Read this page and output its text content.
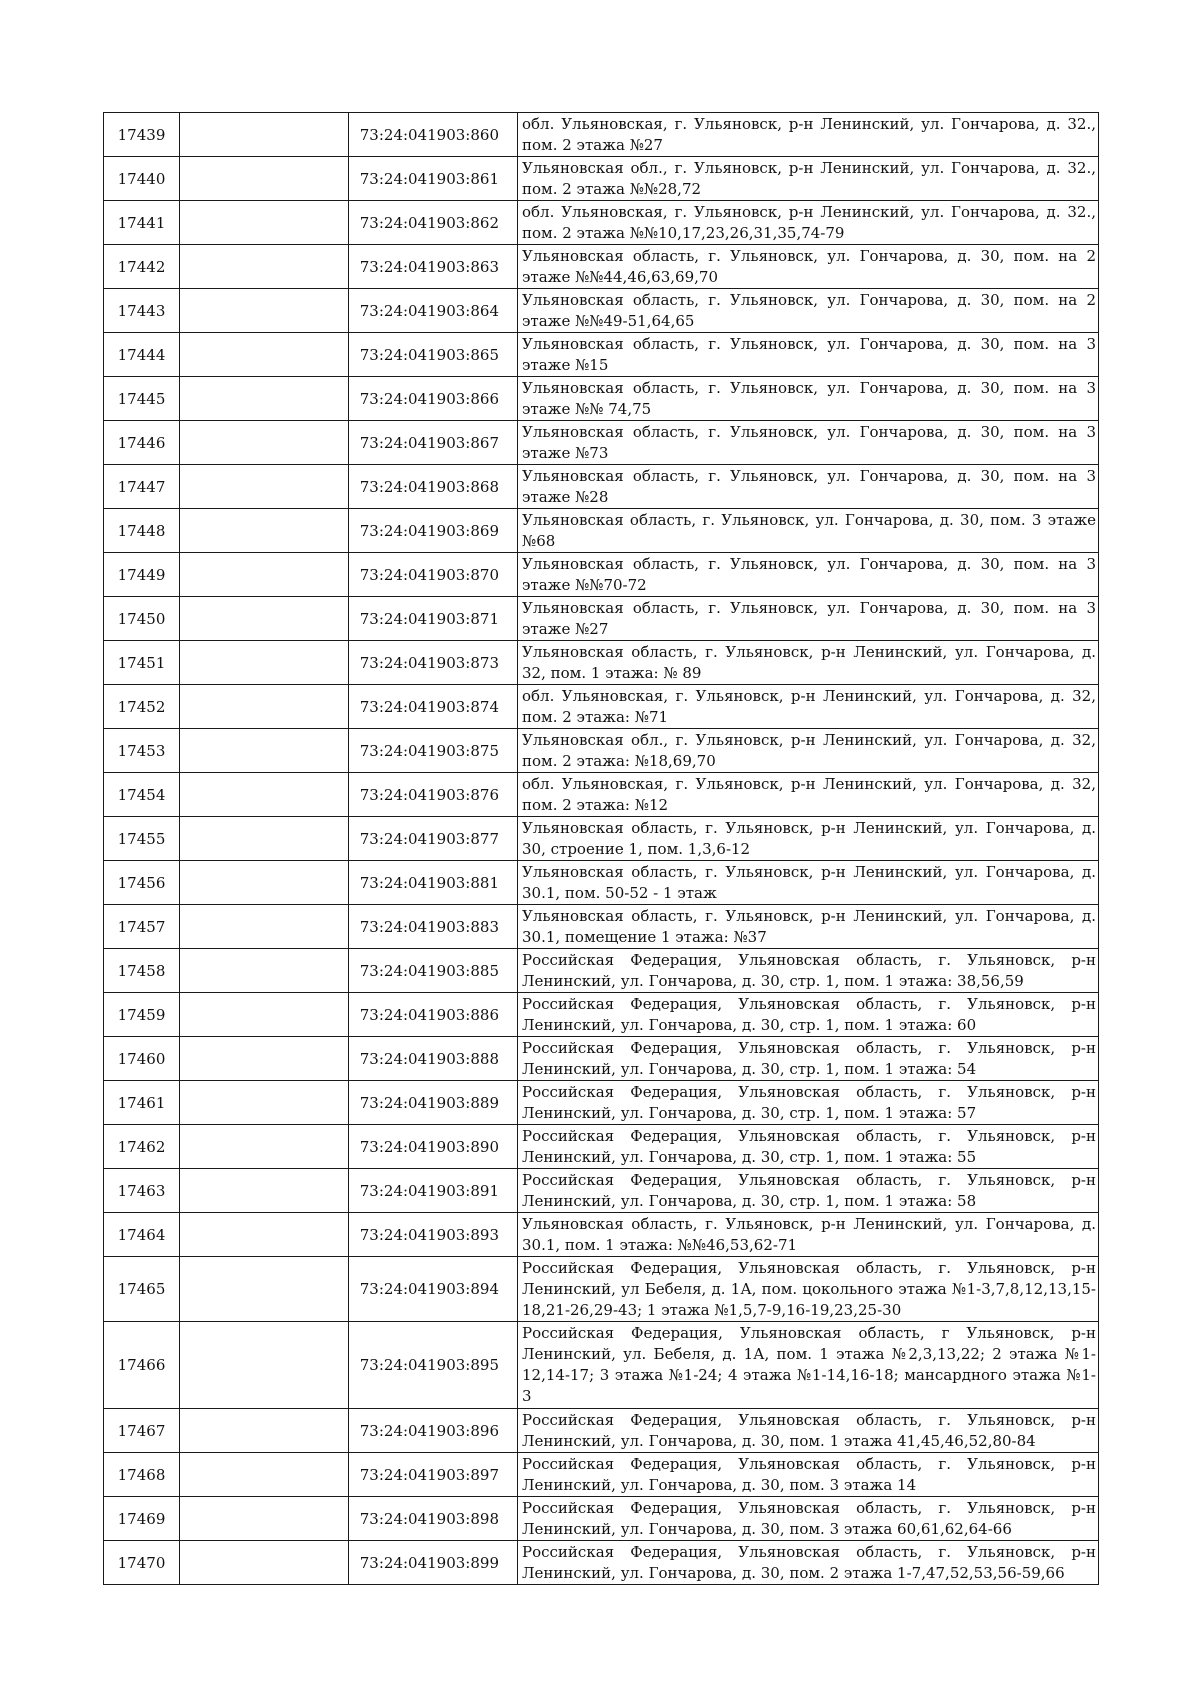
17439		73:24:041903:860	обл. Ульяновская, г. Ульяновск, р-н Ленинский, ул. Гончарова, д. 32., пом. 2 этажа №27
17440		73:24:041903:861	Ульяновская обл., г. Ульяновск, р-н Ленинский, ул. Гончарова, д. 32., пом. 2 этажа №№28,72
17441		73:24:041903:862	обл. Ульяновская, г. Ульяновск, р-н Ленинский, ул. Гончарова, д. 32., пом. 2 этажа №№10,17,23,26,31,35,74-79
17442		73:24:041903:863	Ульяновская область, г. Ульяновск, ул. Гончарова, д. 30, пом. на 2 этаже №№44,46,63,69,70
17443		73:24:041903:864	Ульяновская область, г. Ульяновск, ул. Гончарова, д. 30, пом. на 2 этаже №№49-51,64,65
17444		73:24:041903:865	Ульяновская область, г. Ульяновск, ул. Гончарова, д. 30, пом. на 3 этаже №15
17445		73:24:041903:866	Ульяновская область, г. Ульяновск, ул. Гончарова, д. 30, пом. на 3 этаже №№ 74,75
17446		73:24:041903:867	Ульяновская область, г. Ульяновск, ул. Гончарова, д. 30, пом. на 3 этаже №73
17447		73:24:041903:868	Ульяновская область, г. Ульяновск, ул. Гончарова, д. 30, пом. на 3 этаже №28
17448		73:24:041903:869	Ульяновская область, г. Ульяновск, ул. Гончарова, д. 30, пом. 3 этаже №68
17449		73:24:041903:870	Ульяновская область, г. Ульяновск, ул. Гончарова, д. 30, пом. на 3 этаже №№70-72
17450		73:24:041903:871	Ульяновская область, г. Ульяновск, ул. Гончарова, д. 30, пом. на 3 этаже №27
17451		73:24:041903:873	Ульяновская область, г. Ульяновск, р-н Ленинский, ул. Гончарова, д. 32, пом. 1 этажа: № 89
17452		73:24:041903:874	обл. Ульяновская, г. Ульяновск, р-н Ленинский, ул. Гончарова, д. 32, пом. 2 этажа: №71
17453		73:24:041903:875	Ульяновская обл., г. Ульяновск, р-н Ленинский, ул. Гончарова, д. 32, пом. 2 этажа: №18,69,70
17454		73:24:041903:876	обл. Ульяновская, г. Ульяновск, р-н Ленинский, ул. Гончарова, д. 32, пом. 2 этажа: №12
17455		73:24:041903:877	Ульяновская область, г. Ульяновск, р-н Ленинский, ул. Гончарова, д. 30, строение 1, пом. 1,3,6-12
17456		73:24:041903:881	Ульяновская область, г. Ульяновск, р-н Ленинский, ул. Гончарова, д. 30.1, пом. 50-52 - 1 этаж
17457		73:24:041903:883	Ульяновская область, г. Ульяновск, р-н Ленинский, ул. Гончарова, д. 30.1, помещение 1 этажа: №37
17458		73:24:041903:885	Российская Федерация, Ульяновская область, г. Ульяновск, р-н Ленинский, ул. Гончарова, д. 30, стр. 1, пом. 1 этажа: 38,56,59
17459		73:24:041903:886	Российская Федерация, Ульяновская область, г. Ульяновск, р-н Ленинский, ул. Гончарова, д. 30, стр. 1, пом. 1 этажа: 60
17460		73:24:041903:888	Российская Федерация, Ульяновская область, г. Ульяновск, р-н Ленинский, ул. Гончарова, д. 30, стр. 1, пом. 1 этажа: 54
17461		73:24:041903:889	Российская Федерация, Ульяновская область, г. Ульяновск, р-н Ленинский, ул. Гончарова, д. 30, стр. 1, пом. 1 этажа: 57
17462		73:24:041903:890	Российская Федерация, Ульяновская область, г. Ульяновск, р-н Ленинский, ул. Гончарова, д. 30, стр. 1, пом. 1 этажа: 55
17463		73:24:041903:891	Российская Федерация, Ульяновская область, г. Ульяновск, р-н Ленинский, ул. Гончарова, д. 30, стр. 1, пом. 1 этажа: 58
17464		73:24:041903:893	Ульяновская область, г. Ульяновск, р-н Ленинский, ул. Гончарова, д. 30.1, пом. 1 этажа: №№46,53,62-71
17465		73:24:041903:894	Российская Федерация, Ульяновская область, г. Ульяновск, р-н Ленинский, ул Бебеля, д. 1А, пом. цокольного этажа №1-3,7,8,12,13,15-18,21-26,29-43; 1 этажа №1,5,7-9,16-19,23,25-30
17466		73:24:041903:895	Российская Федерация, Ульяновская область, г Ульяновск, р-н Ленинский, ул. Бебеля, д. 1А, пом. 1 этажа №2,3,13,22; 2 этажа №1-12,14-17; 3 этажа №1-24; 4 этажа №1-14,16-18; мансардного этажа №1-3
17467		73:24:041903:896	Российская Федерация, Ульяновская область, г. Ульяновск, р-н Ленинский, ул. Гончарова, д. 30, пом. 1 этажа 41,45,46,52,80-84
17468		73:24:041903:897	Российская Федерация, Ульяновская область, г. Ульяновск, р-н Ленинский, ул. Гончарова, д. 30, пом. 3 этажа 14
17469		73:24:041903:898	Российская Федерация, Ульяновская область, г. Ульяновск, р-н Ленинский, ул. Гончарова, д. 30, пом. 3 этажа 60,61,62,64-66
17470		73:24:041903:899	Российская Федерация, Ульяновская область, г. Ульяновск, р-н Ленинский, ул. Гончарова, д. 30, пом. 2 этажа 1-7,47,52,53,56-59,66
